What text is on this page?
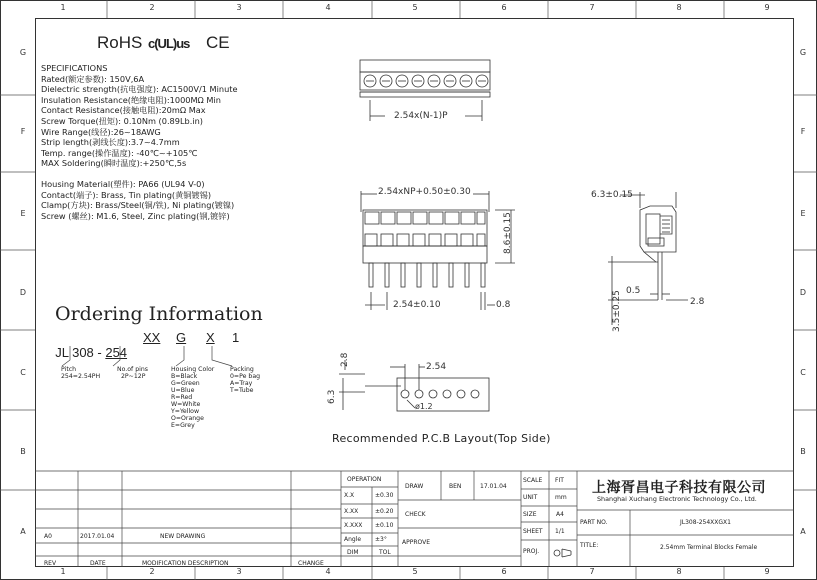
1	2	3	4	5	6	7	8	9
1	2	3	4	5	6	7	8	9
G
F
E
D
C
B
A
G
F
E
D
C
B
A
RoHS c(UL)us CE
SPECIFICATIONS
Rated(额定参数): 150V,6A
Dielectric strength(抗电强度): AC1500V/1 Minute
Insulation Resistance(绝缘电阻):1000MΩ Min
Contact Resistance(接触电阻):20mΩ Max
Screw Torque(扭矩): 0.10Nm (0.89Lb.in)
Wire Range(线径):26~18AWG
Strip length(剥线长度):3.7~4.7mm
Temp. range(操作温度): -40℃~+105℃
MAX Soldering(瞬时温度):+250℃,5s
Housing Material(塑件): PA66 (UL94 V-0)
Contact(端子): Brass, Tin plating(黄铜镀锡)
Clamp(方块): Brass/Steel(铜/铁), Ni plating(镀镍)
Screw (螺丝): M1.6, Steel, Zinc plating(钢,镀锌)
Ordering Information

JL 308 - 254

XX G X 1
Pitch
254=2.54PH
No.of pins
2P~12P
Housing Color
B=Black
G=Green
U=Blue
R=Red
W=White
Y=Yellow
O=Orange
E=Grey
Packing
0=Pe bag
A=Tray
T=Tube
2.54x(N-1)P
2.54xNP+0.50±0.30
8.6±0.15
2.54±0.10	0.8
6.3±0.15
0.5
2.8
3.5±0.25
2.8	2.54
6.3
ø1.2
Recommended P.C.B Layout(Top Side)
OPERATION
X.X	±0.30
X.XX	±0.20
X.XXX ±0.10
Angle ±3°
DIM	TOL
DRAW	BEN	17.01.04
CHECK
APPROVE
SCALE FIT
UNIT	mm
SIZE	A4
SHEET 1/1
PROJ.
上海胥昌电子科技有限公司
Shanghai Xuchang Electronic Technology Co., Ltd.
PART NO.	JL308-254XXGX1
TITLE:	2.54mm Terminal Blocks Female
A0	2017.01.04	NEW DRAWING
REV	DATE	MODIFICATION DESCRIPTION	CHANGE
